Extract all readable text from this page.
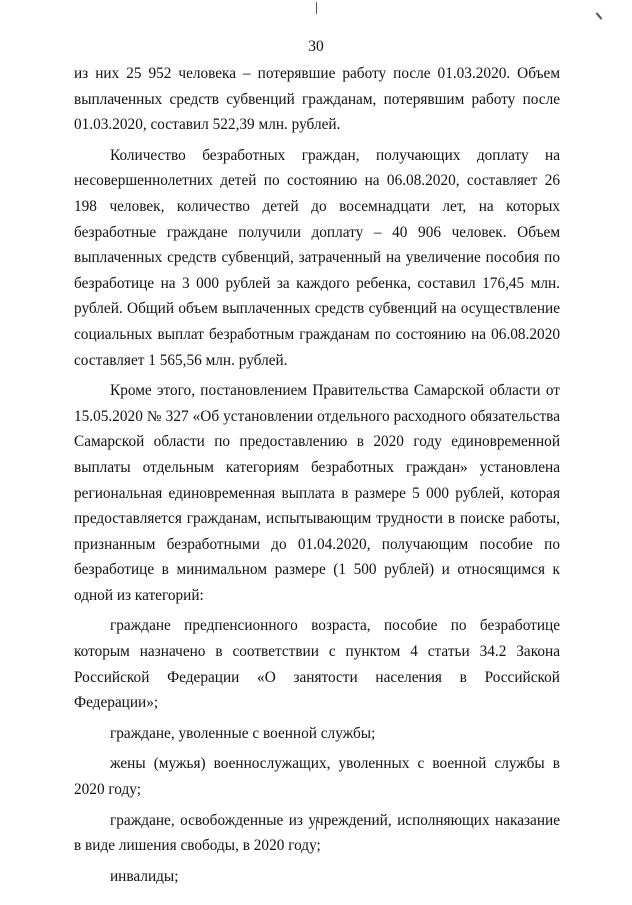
30

из них 25 952 человека – потерявшие работу после 01.03.2020. Объем выплаченных средств субвенций гражданам, потерявшим работу после 01.03.2020, составил 522,39 млн. рублей.

Количество безработных граждан, получающих доплату на несовершеннолетних детей по состоянию на 06.08.2020, составляет 26 198 человек, количество детей до восемнадцати лет, на которых безработные граждане получили доплату – 40 906 человек. Объем выплаченных средств субвенций, затраченный на увеличение пособия по безработице на 3 000 рублей за каждого ребенка, составил 176,45 млн. рублей. Общий объем выплаченных средств субвенций на осуществление социальных выплат безработным гражданам по состоянию на 06.08.2020 составляет 1 565,56 млн. рублей.

Кроме этого, постановлением Правительства Самарской области от 15.05.2020 № 327 «Об установлении отдельного расходного обязательства Самарской области по предоставлению в 2020 году единовременной выплаты отдельным категориям безработных граждан» установлена региональная единовременная выплата в размере 5 000 рублей, которая предоставляется гражданам, испытывающим трудности в поиске работы, признанным безработными до 01.04.2020, получающим пособие по безработице в минимальном размере (1 500 рублей) и относящимся к одной из категорий:

граждане предпенсионного возраста, пособие по безработице которым назначено в соответствии с пунктом 4 статьи 34.2 Закона Российской Федерации «О занятости населения в Российской Федерации»;

граждане, уволенные с военной службы;

жены (мужья) военнослужащих, уволенных с военной службы в 2020 году;

граждане, освобожденные из учреждений, исполняющих наказание в виде лишения свободы, в 2020 году;

инвалиды;
